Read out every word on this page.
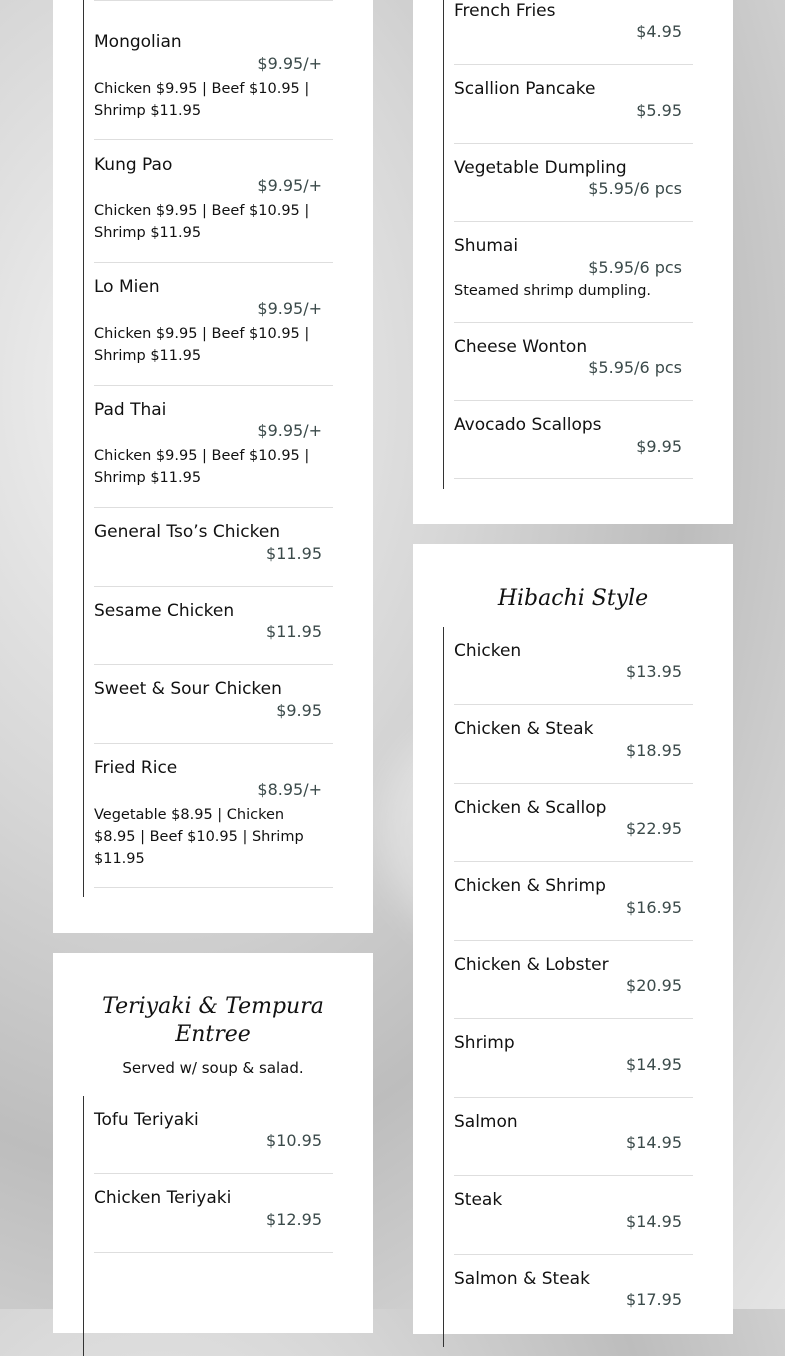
Mongolian
$9.95/+
Chicken $9.95 | Beef $10.95 | Shrimp $11.95
Kung Pao
$9.95/+
Chicken $9.95 | Beef $10.95 | Shrimp $11.95
Lo Mien
$9.95/+
Chicken $9.95 | Beef $10.95 | Shrimp $11.95
Pad Thai
$9.95/+
Chicken $9.95 | Beef $10.95 | Shrimp $11.95
General Tso’s Chicken
$11.95
Sesame Chicken
$11.95
Sweet & Sour Chicken
$9.95
Fried Rice
$8.95/+
Vegetable $8.95 | Chicken $8.95 | Beef $10.95 | Shrimp $11.95
French Fries
$4.95
Scallion Pancake
$5.95
Vegetable Dumpling
$5.95/6 pcs
Shumai
$5.95/6 pcs
Steamed shrimp dumpling.
Cheese Wonton
$5.95/6 pcs
Avocado Scallops
$9.95
Teriyaki & Tempura
Entree
Served w/ soup & salad.
Tofu Teriyaki
$10.95
Chicken Teriyaki
$12.95
Hibachi Style
Chicken
$13.95
Chicken & Steak
$18.95
Chicken & Scallop
$22.95
Chicken & Shrimp
$16.95
Chicken & Lobster
$20.95
Shrimp
$14.95
Salmon
$14.95
Steak
$14.95
Salmon & Steak
$17.95
